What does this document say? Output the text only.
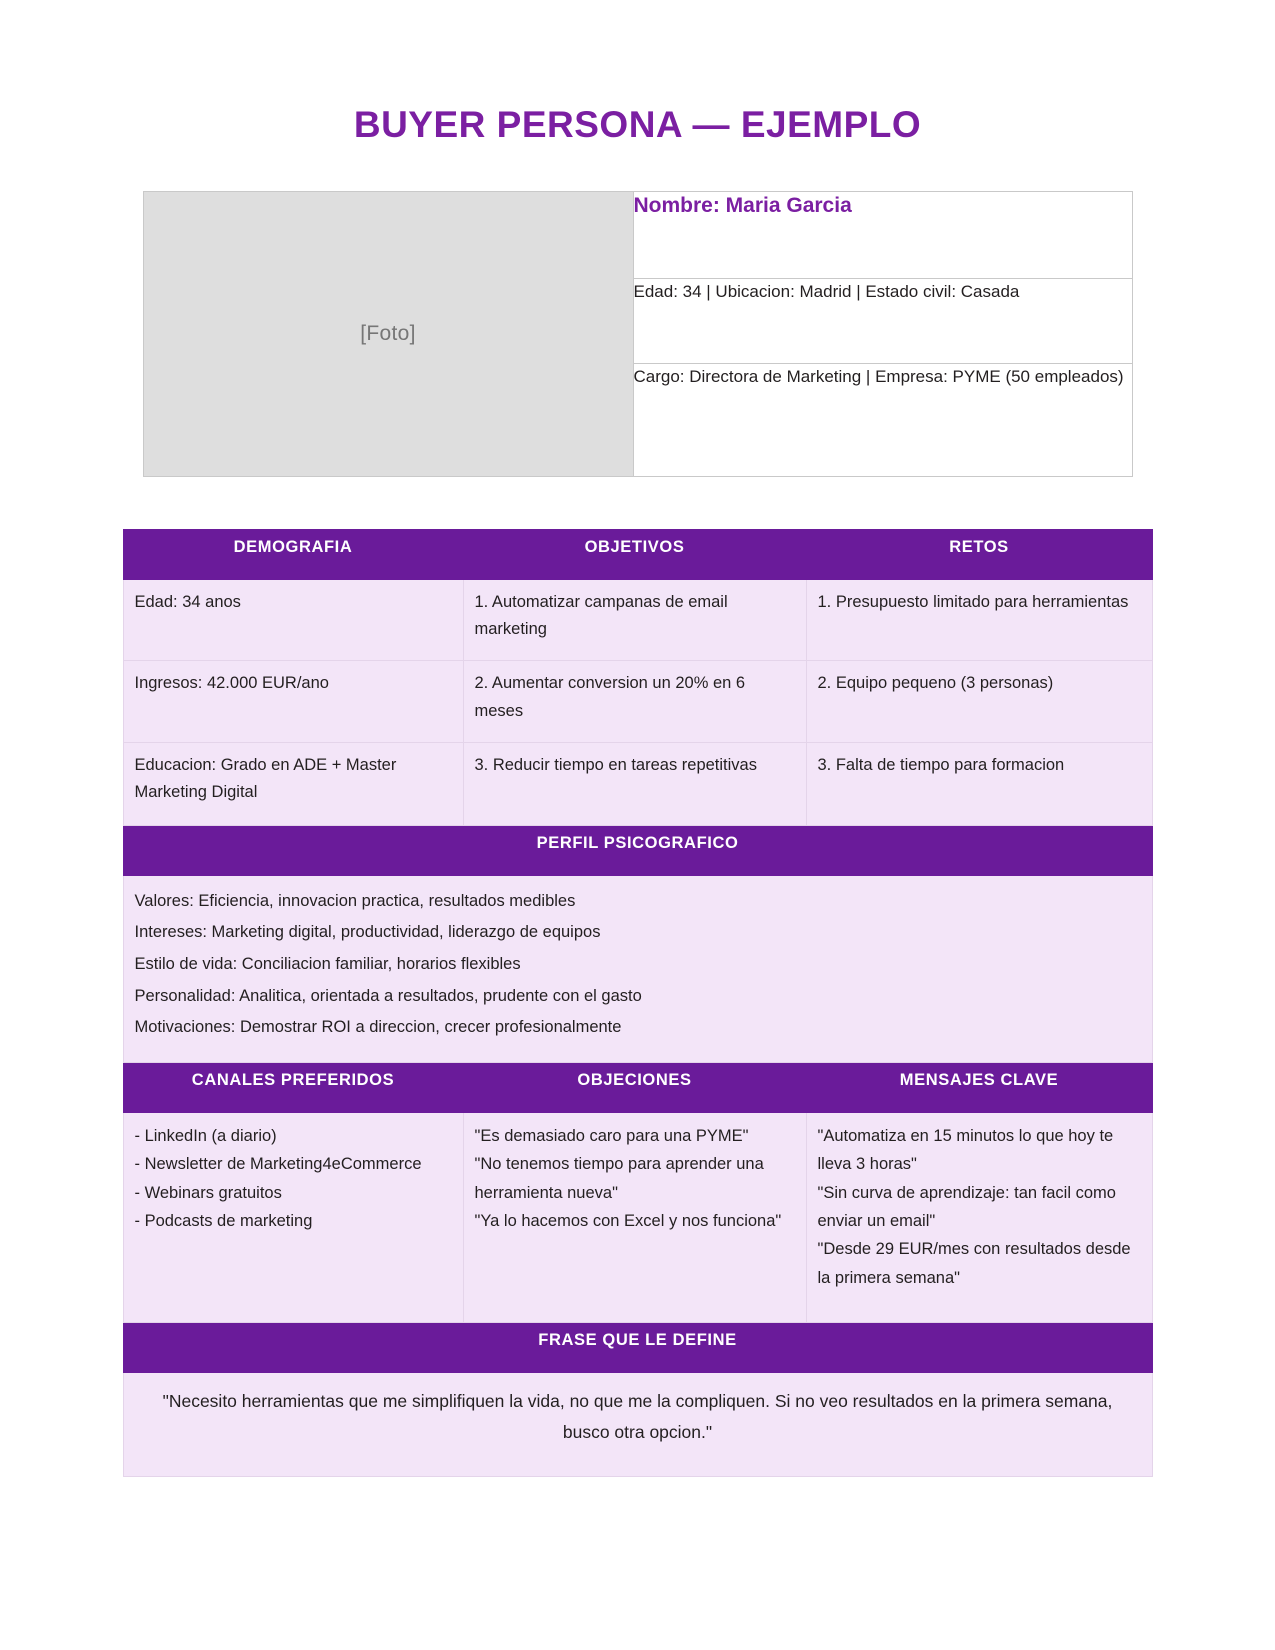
BUYER PERSONA — EJEMPLO
[Foto]	Nombre: Maria Garcia
Edad: 34 | Ubicacion: Madrid | Estado civil: Casada
Cargo: Directora de Marketing | Empresa: PYME (50 empleados)
DEMOGRAFIA	OBJETIVOS	RETOS
Edad: 34 anos	1. Automatizar campanas de email marketing	1. Presupuesto limitado para herramientas
Ingresos: 42.000 EUR/ano	2. Aumentar conversion un 20% en 6 meses	2. Equipo pequeno (3 personas)
Educacion: Grado en ADE + Master Marketing Digital	3. Reducir tiempo en tareas repetitivas	3. Falta de tiempo para formacion
PERFIL PSICOGRAFICO		

Valores: Eficiencia, innovacion practica, resultados medibles
Intereses: Marketing digital, productividad, liderazgo de equipos
Estilo de vida: Conciliacion familiar, horarios flexibles
Personalidad: Analitica, orientada a resultados, prudente con el gasto
Motivaciones: Demostrar ROI a direccion, crecer profesionalmente		

CANALES PREFERIDOS	OBJECIONES	MENSAJES CLAVE

- LinkedIn (a diario)
- Newsletter de Marketing4eCommerce
- Webinars gratuitos
- Podcasts de marketing

"Es demasiado caro para una PYME"
"No tenemos tiempo para aprender una herramienta nueva"
"Ya lo hacemos con Excel y nos funciona"

"Automatiza en 15 minutos lo que hoy te lleva 3 horas"
"Sin curva de aprendizaje: tan facil como enviar un email"
"Desde 29 EUR/mes con resultados desde la primera semana"

FRASE QUE LE DEFINE		
"Necesito herramientas que me simplifiquen la vida, no que me la compliquen. Si no veo resultados en la primera semana, busco otra opcion."		
